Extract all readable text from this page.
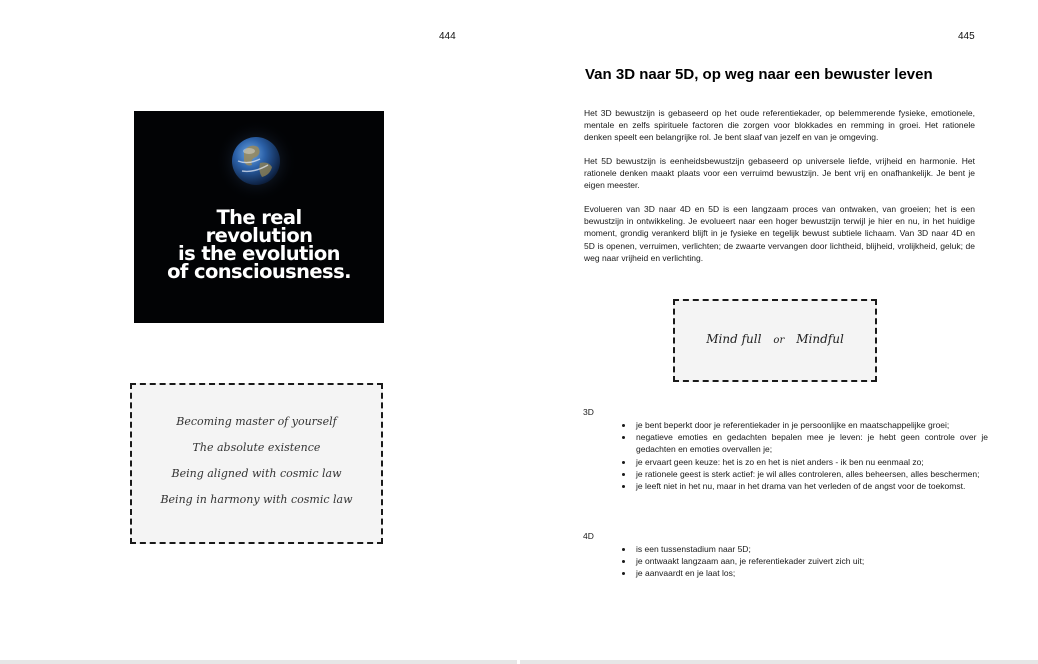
444
The real
revolution
is the evolution
of consciousness.
Becoming master of yourself
The absolute existence
Being aligned with cosmic law
Being in harmony with cosmic law
445
Van 3D naar 5D, op weg naar een bewuster leven

Het 3D bewustzijn is gebaseerd op het oude referentiekader, op belemmerende fysieke, emotionele, mentale en zelfs spirituele factoren die zorgen voor blokkades en remming in groei. Het rationele denken speelt een belangrijke rol. Je bent slaaf van jezelf en van je omgeving.

Het 5D bewustzijn is eenheidsbewustzijn gebaseerd op universele liefde, vrijheid en harmonie. Het rationele denken maakt plaats voor een verruimd bewustzijn. Je bent vrij en onafhankelijk. Je bent je eigen meester.

Evolueren van 3D naar 4D en 5D is een langzaam proces van ontwaken, van groeien; het is een bewustzijn in ontwikkeling. Je evolueert naar een hoger bewustzijn terwijl je hier en nu, in het huidige moment, grondig verankerd blijft in je fysieke en tegelijk bewust subtiele lichaam. Van 3D naar 4D en 5D is openen, verruimen, verlichten; de zwaarte vervangen door lichtheid, blijheid, vrolijkheid, geluk; de weg naar vrijheid en verlichting.

Mind full or Mindful
3D
• je bent beperkt door je referentiekader in je persoonlijke en maatschappelijke groei;
• negatieve emoties en gedachten bepalen mee je leven: je hebt geen controle over je gedachten en emoties overvallen je;
• je ervaart geen keuze: het is zo en het is niet anders - ik ben nu eenmaal zo;
• je rationele geest is sterk actief: je wil alles controleren, alles beheersen, alles beschermen;
• je leeft niet in het nu, maar in het drama van het verleden of de angst voor de toekomst.
4D
• is een tussenstadium naar 5D;
• je ontwaakt langzaam aan, je referentiekader zuivert zich uit;
• je aanvaardt en je laat los;
